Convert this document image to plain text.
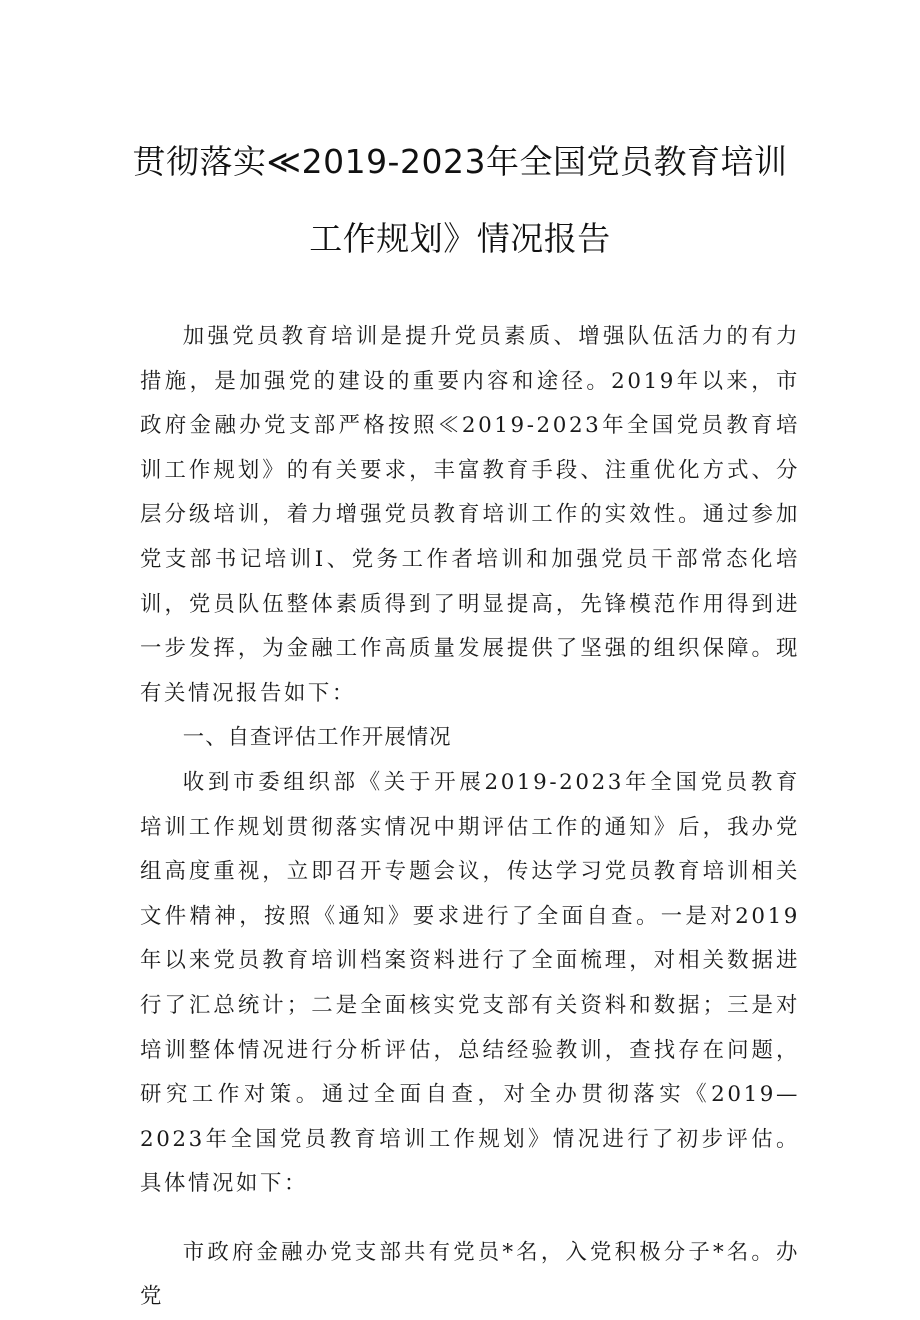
贯彻落实≪2019-2023年全国党员教育培训
工作规划》情况报告

加强党员教育培训是提升党员素质、增强队伍活力的有力措施，是加强党的建设的重要内容和途径。2019年以来，市政府金融办党支部严格按照≪2019-2023年全国党员教育培训工作规划》的有关要求，丰富教育手段、注重优化方式、分层分级培训，着力增强党员教育培训工作的实效性。通过参加党支部书记培训I、党务工作者培训和加强党员干部常态化培训，党员队伍整体素质得到了明显提高，先锋模范作用得到进一步发挥，为金融工作高质量发展提供了坚强的组织保障。现有关情况报告如下：

一、自查评估工作开展情况

收到市委组织部《关于开展2019-2023年全国党员教育培训工作规划贯彻落实情况中期评估工作的通知》后，我办党组高度重视，立即召开专题会议，传达学习党员教育培训相关文件精神，按照《通知》要求进行了全面自查。一是对2019年以来党员教育培训档案资料进行了全面梳理，对相关数据进行了汇总统计；二是全面核实党支部有关资料和数据；三是对培训整体情况进行分析评估，总结经验教训，查找存在问题，研究工作对策。通过全面自查，对全办贯彻落实《2019—2023年全国党员教育培训工作规划》情况进行了初步评估。具体情况如下：

市政府金融办党支部共有党员*名，入党积极分子*名。办党
